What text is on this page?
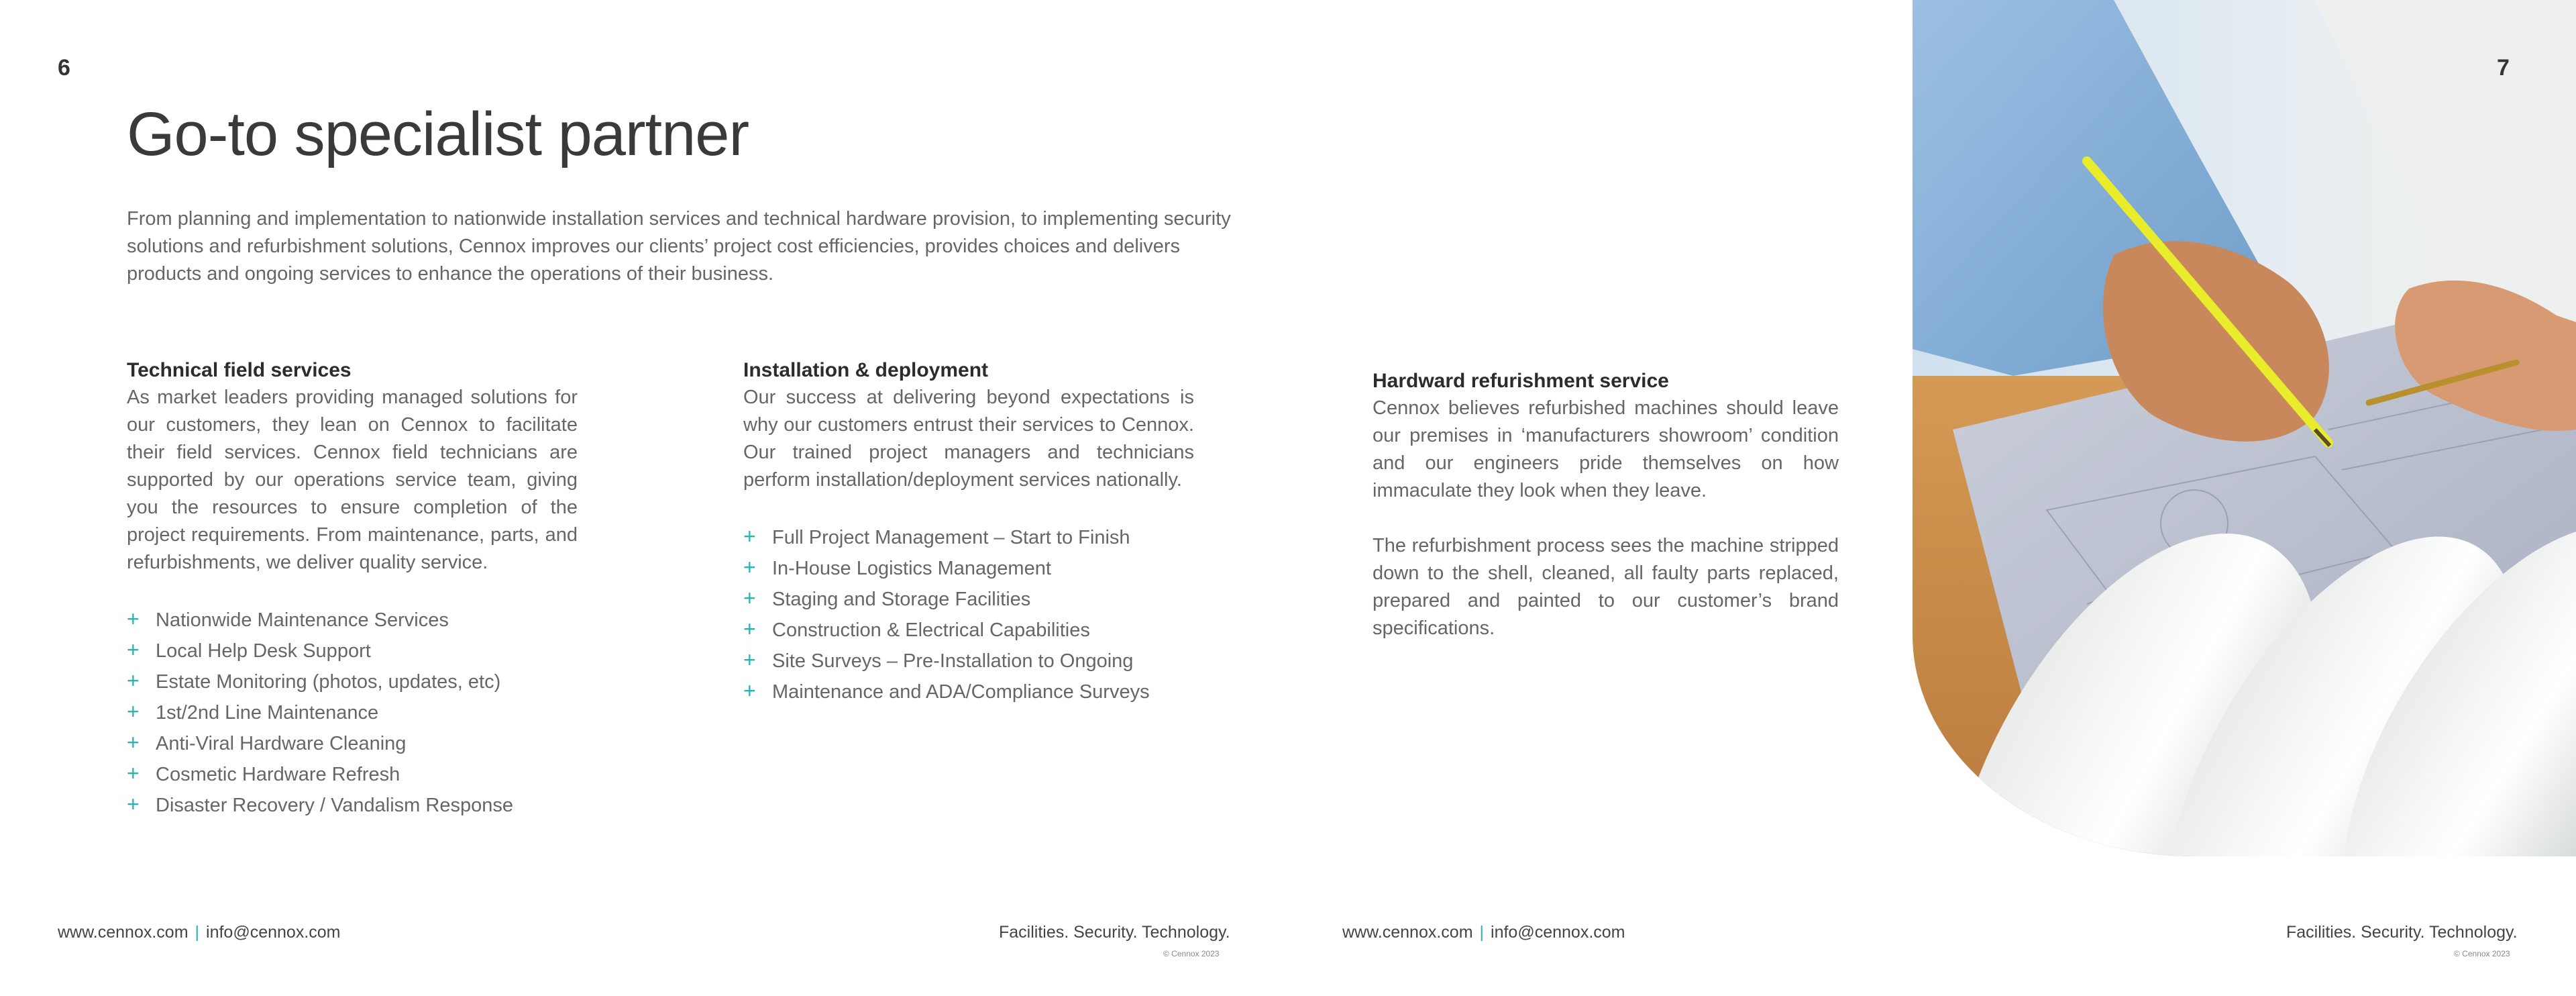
6	7
Go-to specialist partner

From planning and implementation to nationwide installation services and technical hardware provision, to implementing security solutions and refurbishment solutions, Cennox improves our clients’ project cost efficiencies, provides choices and delivers products and ongoing services to enhance the operations of their business.

Technical field services

As market leaders providing managed solutions for our customers, they lean on Cennox to facilitate their field services. Cennox field technicians are supported by our operations service team, giving you the resources to ensure completion of the project requirements. From maintenance, parts, and refurbishments, we deliver quality service.

+ Nationwide Maintenance Services
+ Local Help Desk Support
+ Estate Monitoring (photos, updates, etc)
+ 1st/2nd Line Maintenance
+ Anti-Viral Hardware Cleaning
+ Cosmetic Hardware Refresh
+ Disaster Recovery / Vandalism Response
Installation & deployment

Our success at delivering beyond expectations is why our customers entrust their services to Cennox. Our trained project managers and technicians perform installation/deployment services nationally.

+ Full Project Management – Start to Finish
+ In-House Logistics Management
+ Staging and Storage Facilities
+ Construction & Electrical Capabilities
+ Site Surveys – Pre-Installation to Ongoing
+ Maintenance and ADA/Compliance Surveys
Hardward refurishment service

Cennox believes refurbished machines should leave our premises in ‘manufacturers showroom’ condition and our engineers pride themselves on how immaculate they look when they leave.

The refurbishment process sees the machine stripped down to the shell, cleaned, all faulty parts replaced, prepared and painted to our customer’s brand specifications.

www.cennox.com | info@cennox.com	Facilities. Security. Technology.
© Cennox 2023
www.cennox.com | info@cennox.com	Facilities. Security. Technology.
© Cennox 2023
